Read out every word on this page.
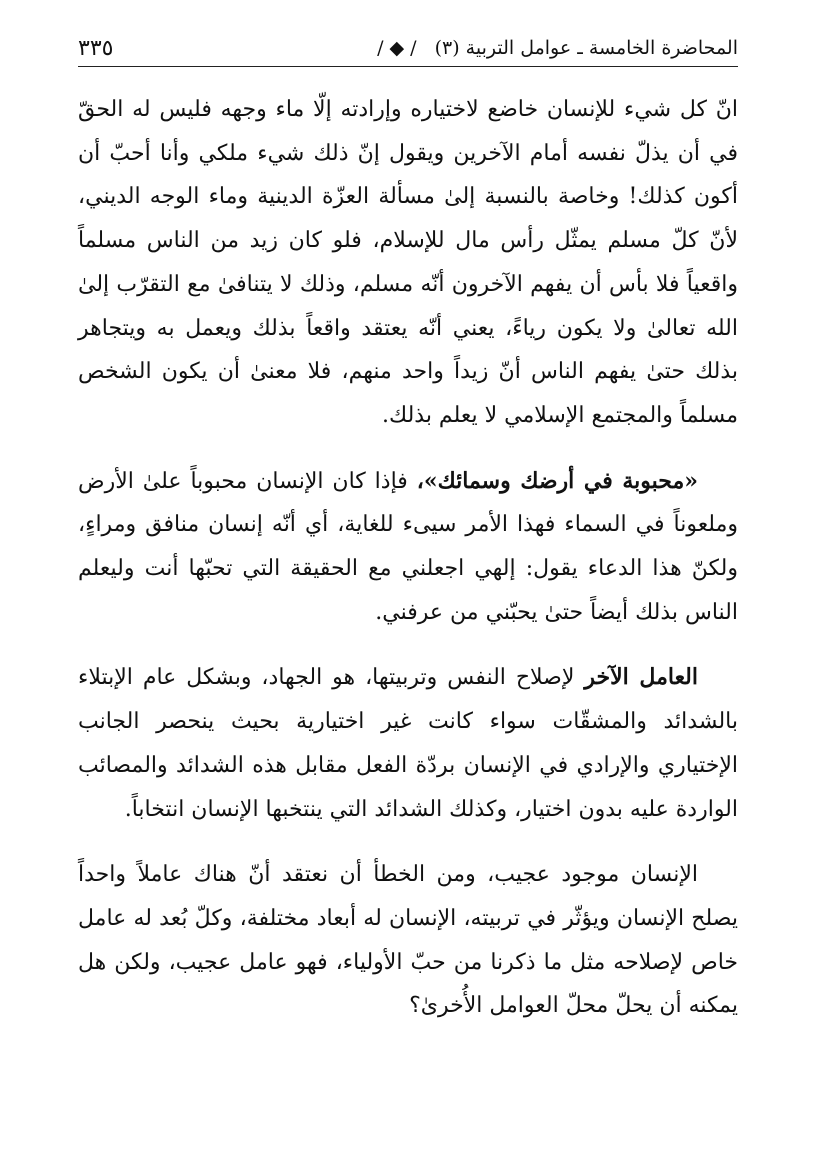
٣٣٥	المحاضرة الخامسة ـ عوامل التربية (٣)
/ ◆ /

انّ كل شيء للإنسان خاضع لاختياره وإرادته إلّا ماء وجهه فليس له الحقّ في أن يذلّ نفسه أمام الآخرين ويقول إنّ ذلك شيء ملكي وأنا أحبّ أن أكون كذلك! وخاصة بالنسبة إلىٰ مسألة العزّة الدينية وماء الوجه الديني، لأنّ كلّ مسلم يمثّل رأس مال للإسلام، فلو كان زيد من الناس مسلماً واقعياً فلا بأس أن يفهم الآخرون أنّه مسلم، وذلك لا يتنافىٰ مع التقرّب إلىٰ الله تعالىٰ ولا يكون رياءً، يعني أنّه يعتقد واقعاً بذلك ويعمل به ويتجاهر بذلك حتىٰ يفهم الناس أنّ زيداً واحد منهم، فلا معنىٰ أن يكون الشخص مسلماً والمجتمع الإسلامي لا يعلم بذلك.

«محبوبة في أرضك وسمائك»، فإذا كان الإنسان محبوباً علىٰ الأرض وملعوناً في السماء فهذا الأمر سيىء للغاية، أي أنّه إنسان منافق ومراءٍ، ولكنّ هذا الدعاء يقول: إلهي اجعلني مع الحقيقة التي تحبّها أنت وليعلم الناس بذلك أيضاً حتىٰ يحبّني من عرفني.

العامل الآخر لإصلاح النفس وتربيتها، هو الجهاد، وبشكل عام الإبتلاء بالشدائد والمشقّات سواء كانت غير اختيارية بحيث ينحصر الجانب الإختياري والإرادي في الإنسان بردّة الفعل مقابل هذه الشدائد والمصائب الواردة عليه بدون اختيار، وكذلك الشدائد التي ينتخبها الإنسان انتخاباً.

الإنسان موجود عجيب، ومن الخطأ أن نعتقد أنّ هناك عاملاً واحداً يصلح الإنسان ويؤثّر في تربيته، الإنسان له أبعاد مختلفة، وكلّ بُعد له عامل خاص لإصلاحه مثل ما ذكرنا من حبّ الأولياء، فهو عامل عجيب، ولكن هل يمكنه أن يحلّ محلّ العوامل الأُخرىٰ؟
